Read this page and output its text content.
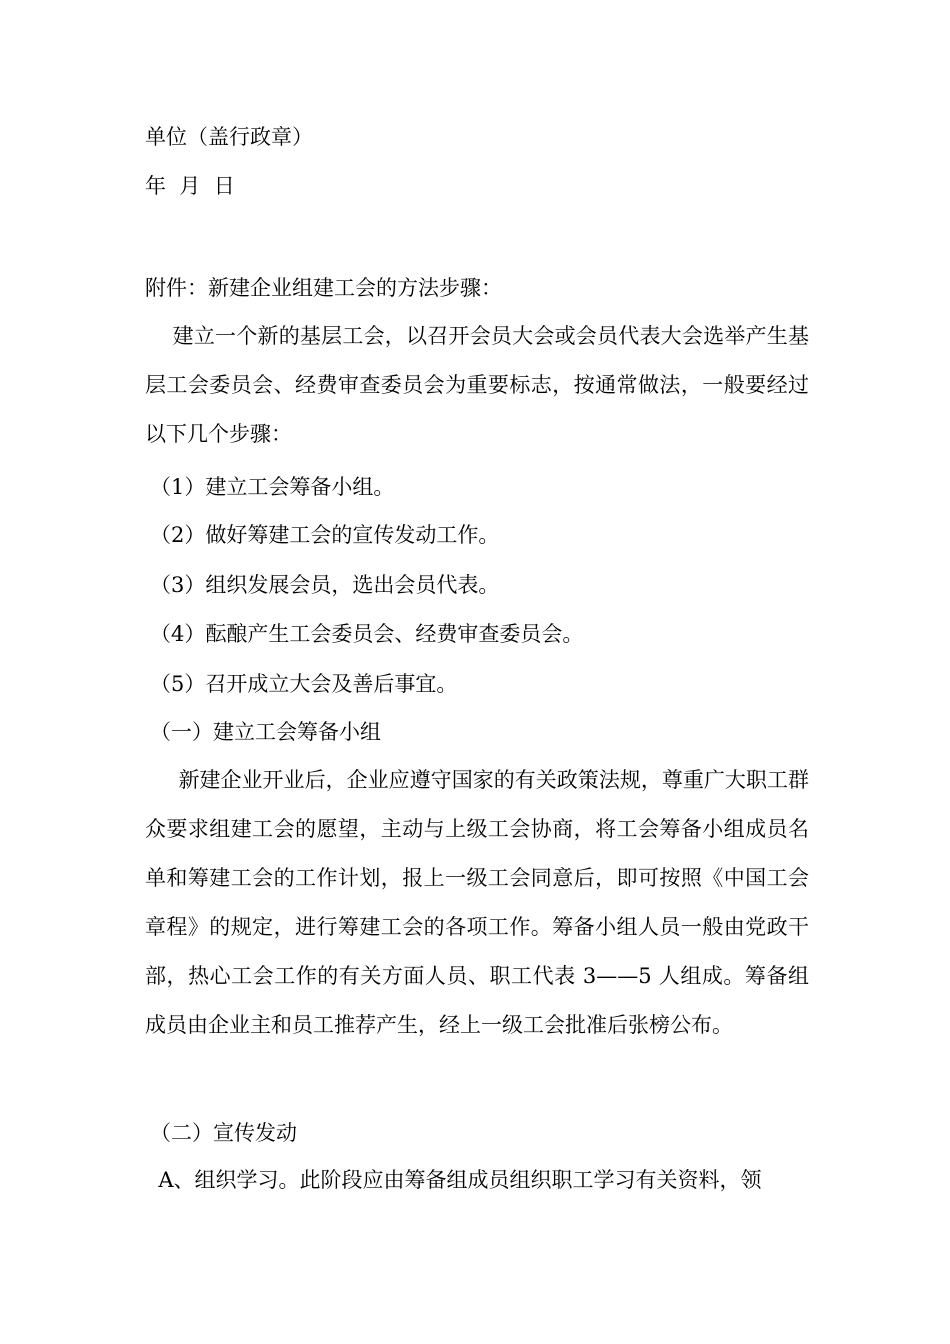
单位（盖行政章）
年  月  日
附件：新建企业组建工会的方法步骤：
建立一个新的基层工会，以召开会员大会或会员代表大会选举产生基层工会委员会、经费审查委员会为重要标志，按通常做法，一般要经过以下几个步骤：
（1）建立工会筹备小组。
（2）做好筹建工会的宣传发动工作。
（3）组织发展会员，选出会员代表。
（4）酝酿产生工会委员会、经费审查委员会。
（5）召开成立大会及善后事宜。
（一）建立工会筹备小组
新建企业开业后，企业应遵守国家的有关政策法规，尊重广大职工群众要求组建工会的愿望，主动与上级工会协商，将工会筹备小组成员名单和筹建工会的工作计划，报上一级工会同意后，即可按照《中国工会章程》的规定，进行筹建工会的各项工作。筹备小组人员一般由党政干部，热心工会工作的有关方面人员、职工代表 3——5 人组成。筹备组成员由企业主和员工推荐产生，经上一级工会批准后张榜公布。
（二）宣传发动
A、组织学习。此阶段应由筹备组成员组织职工学习有关资料，领
